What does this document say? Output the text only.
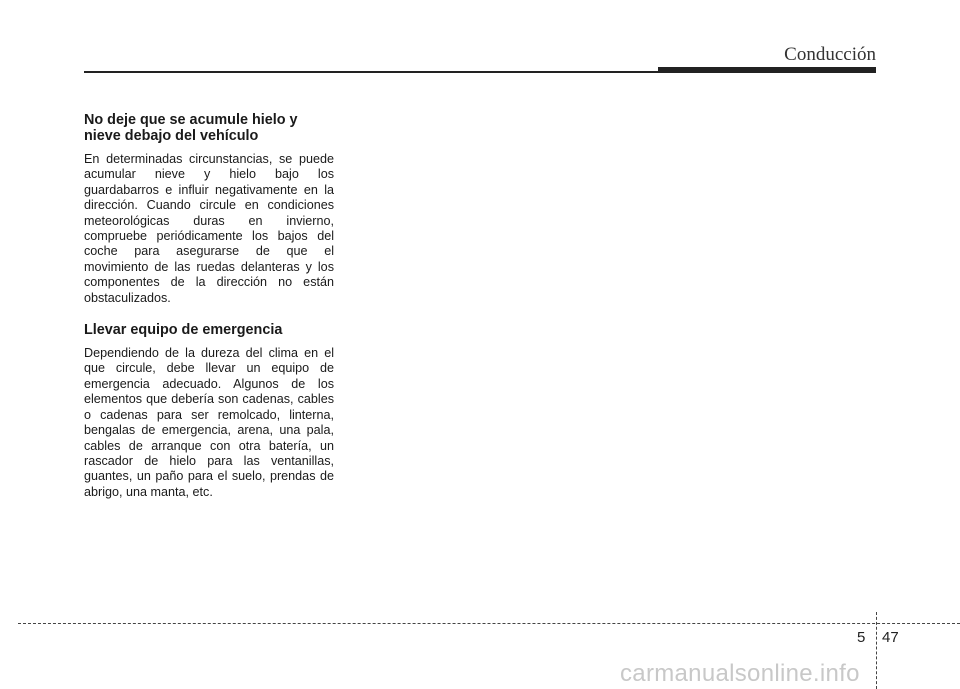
Conducción
No deje que se acumule hielo y nieve debajo del vehículo

En determinadas circunstancias, se puede acumular nieve y hielo bajo los guardabarros e influir negativamente en la dirección. Cuando circule en condiciones meteorológicas duras en invierno, compruebe periódicamente los bajos del coche para asegurarse de que el movimiento de las ruedas delanteras y los componentes de la dirección no están obstaculizados.

Llevar equipo de emergencia

Dependiendo de la dureza del clima en el que circule, debe llevar un equipo de emergencia adecuado. Algunos de los elementos que debería son cadenas, cables o cadenas para ser remolcado, linterna, bengalas de emergencia, arena, una pala, cables de arranque con otra batería, un rascador de hielo para las ventanillas, guantes, un paño para el suelo, prendas de abrigo, una manta, etc.

5 47
carmanualsonline.info
